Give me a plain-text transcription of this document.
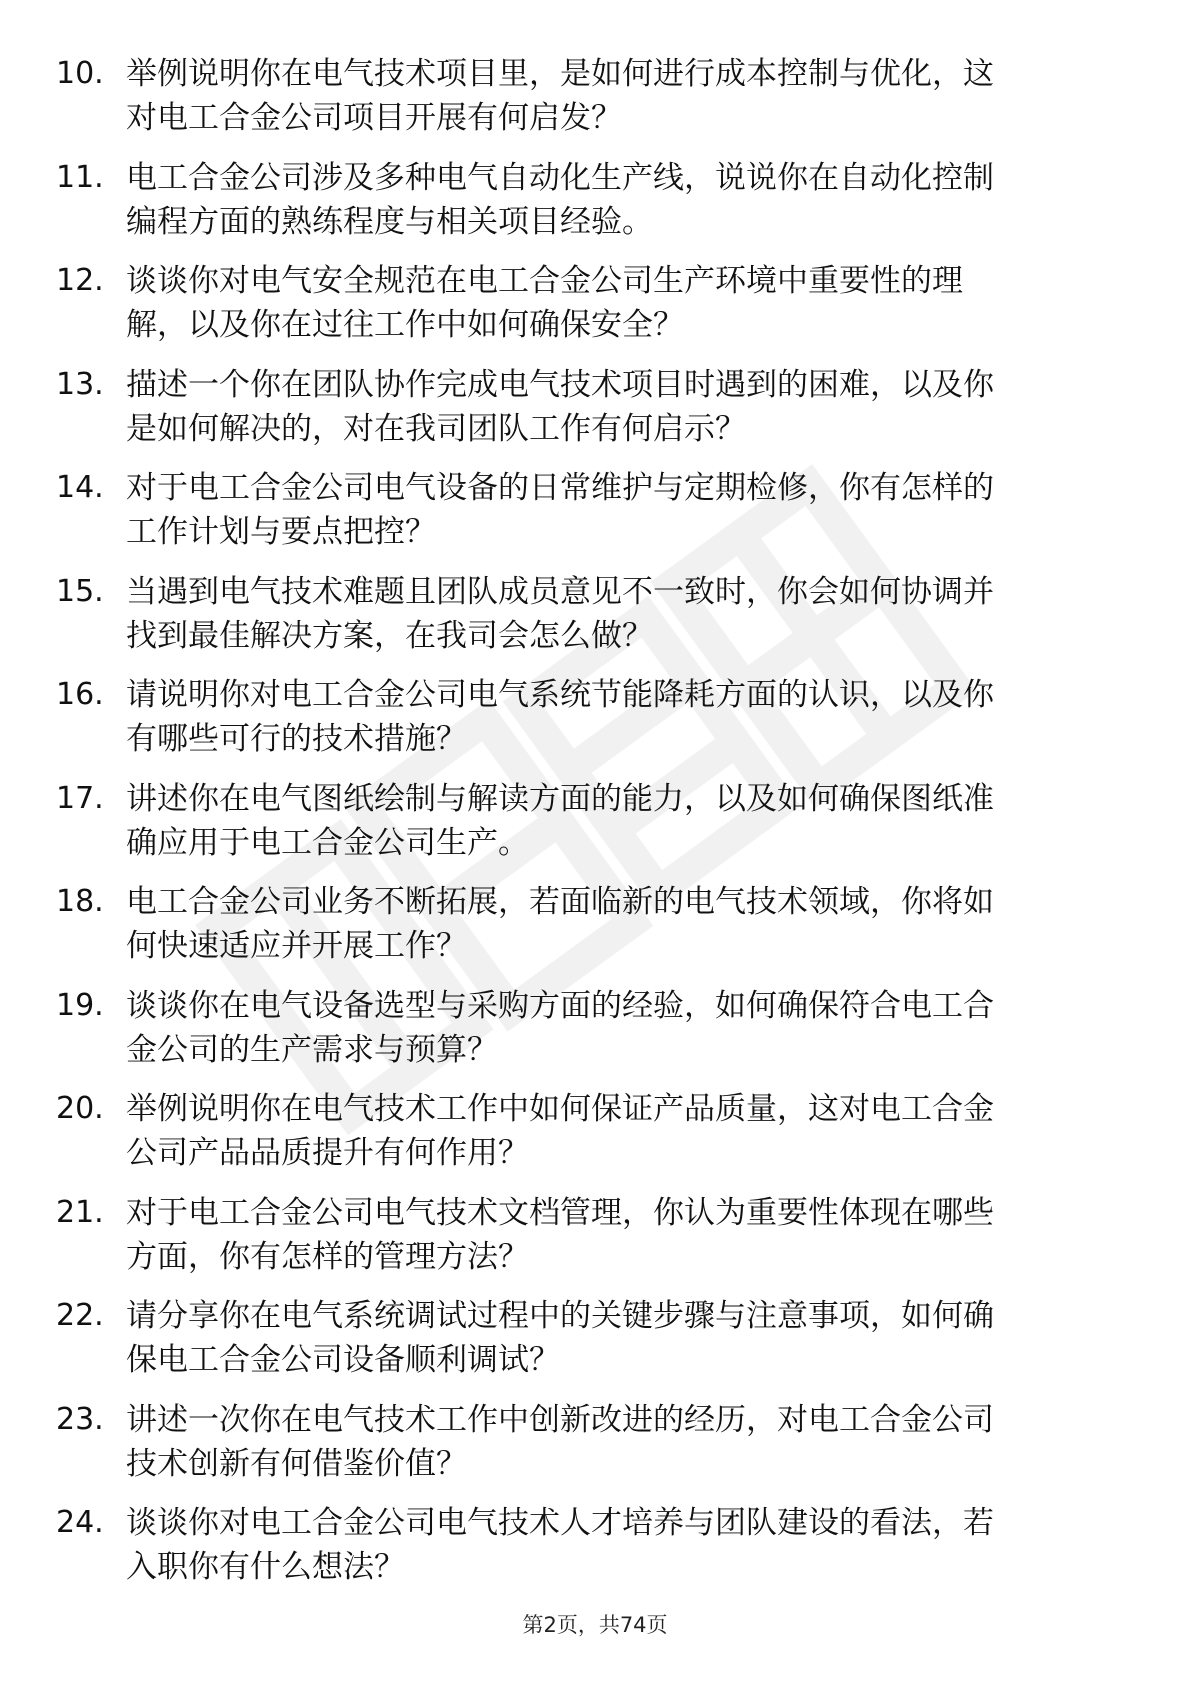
10. 举例说明你在电气技术项目里，是如何进行成本控制与优化，这
对电工合金公司项目开展有何启发？
11. 电工合金公司涉及多种电气自动化生产线，说说你在自动化控制
编程方面的熟练程度与相关项目经验。
12. 谈谈你对电气安全规范在电工合金公司生产环境中重要性的理
解，以及你在过往工作中如何确保安全？
13. 描述一个你在团队协作完成电气技术项目时遇到的困难，以及你
是如何解决的，对在我司团队工作有何启示？
14. 对于电工合金公司电气设备的日常维护与定期检修，你有怎样的
工作计划与要点把控？
15. 当遇到电气技术难题且团队成员意见不一致时，你会如何协调并
找到最佳解决方案，在我司会怎么做？
16. 请说明你对电工合金公司电气系统节能降耗方面的认识，以及你
有哪些可行的技术措施？
17. 讲述你在电气图纸绘制与解读方面的能力，以及如何确保图纸准
确应用于电工合金公司生产。
18. 电工合金公司业务不断拓展，若面临新的电气技术领域，你将如
何快速适应并开展工作？
19. 谈谈你在电气设备选型与采购方面的经验，如何确保符合电工合
金公司的生产需求与预算？
20. 举例说明你在电气技术工作中如何保证产品质量，这对电工合金
公司产品品质提升有何作用？
21. 对于电工合金公司电气技术文档管理，你认为重要性体现在哪些
方面，你有怎样的管理方法？
22. 请分享你在电气系统调试过程中的关键步骤与注意事项，如何确
保电工合金公司设备顺利调试？
23. 讲述一次你在电气技术工作中创新改进的经历，对电工合金公司
技术创新有何借鉴价值？
24. 谈谈你对电工合金公司电气技术人才培养与团队建设的看法，若
入职你有什么想法？
第2页，共74页
